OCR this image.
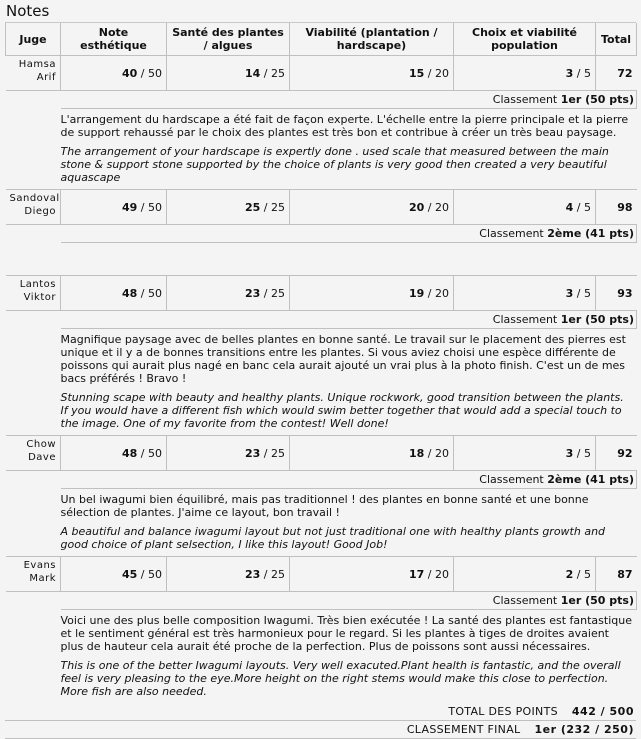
Notes
Juge	Note esthétique	Santé des plantes / algues	Viabilité (plantation / hardscape)	Choix et viabilité population	Total
Hamsa
Arif	40 / 50	14 / 25	15 / 20	3 / 5	72
	Classement 1er (50 pts)				

	L'arrangement du hardscape a été fait de façon experte. L'échelle entre la pierre principale et la pierre de support rehaussé par le choix des plantes est très bon et contribue à créer un très beau paysage.

The arrangement of your hardscape is expertly done . used scale that measured between the main stone & support stone supported by the choice of plants is very good then created a very beautiful aquascape				

Sandoval
Diego	49 / 50	25 / 25	20 / 20	4 / 5	98
	Classement 2ème (41 pts)				

Lantos
Viktor	48 / 50	23 / 25	19 / 20	3 / 5	93
	Classement 1er (50 pts)				

	Magnifique paysage avec de belles plantes en bonne santé. Le travail sur le placement des pierres est unique et il y a de bonnes transitions entre les plantes. Si vous aviez choisi une espèce différente de poissons qui aurait plus nagé en banc cela aurait ajouté un vrai plus à la photo finish. C'est un de mes bacs préférés ! Bravo !

Stunning scape with beauty and healthy plants. Unique rockwork, good transition between the plants. If you would have a different fish which would swim better together that would add a special touch to the image. One of my favorite from the contest! Well done!				

Chow
Dave	48 / 50	23 / 25	18 / 20	3 / 5	92
	Classement 2ème (41 pts)				

	Un bel iwagumi bien équilibré, mais pas traditionnel ! des plantes en bonne santé et une bonne sélection de plantes. J'aime ce layout, bon travail !

A beautiful and balance iwagumi layout but not just traditional one with healthy plants growth and good choice of plant selsection, I like this layout! Good Job!				

Evans
Mark	45 / 50	23 / 25	17 / 20	2 / 5	87
	Classement 1er (50 pts)				

	Voici une des plus belle composition Iwagumi. Très bien exécutée ! La santé des plantes est fantastique et le sentiment général est très harmonieux pour le regard. Si les plantes à tiges de droites avaient plus de hauteur cela aurait été proche de la perfection. Plus de poissons sont aussi nécessaires.

This is one of the better Iwagumi layouts. Very well exacuted.Plant health is fantastic, and the overall feel is very pleasing to the eye.More height on the right stems would make this close to perfection. More fish are also needed.				

TOTAL DES POINTS 442 / 500
CLASSEMENT FINAL 1er (232 / 250)
